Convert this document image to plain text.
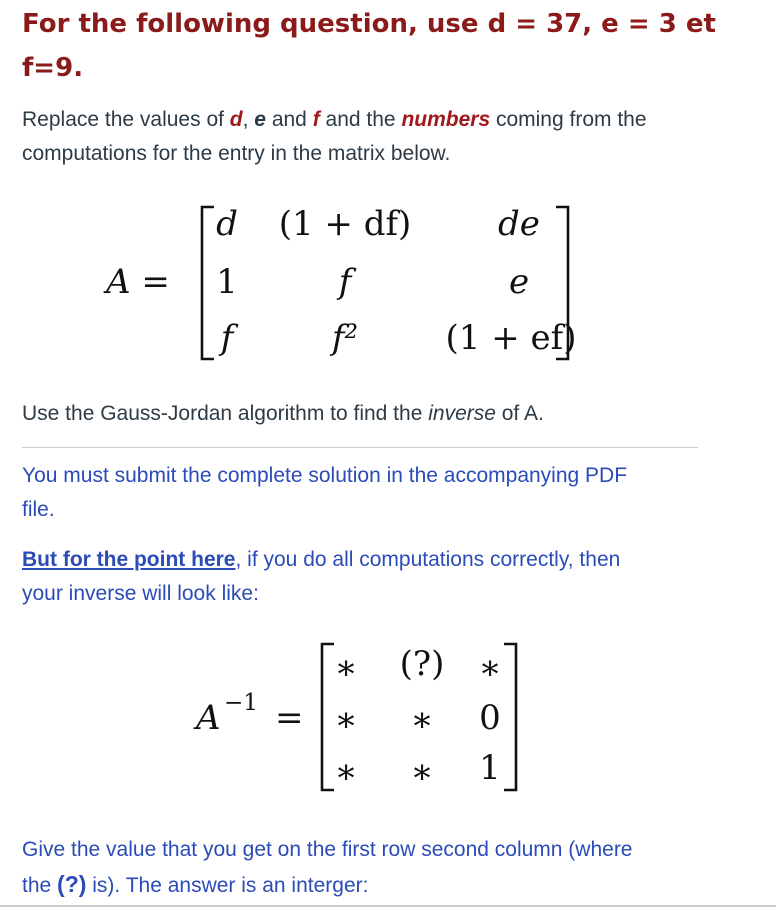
For the following question, use d = 37, e = 3 et
f=9.

Replace the values of d, e and f and the numbers coming from the
computations for the entry in the matrix below.

A =
d	(1 + df)	de
1	f	e
f	f²	(1 + ef)

Use the Gauss-Jordan algorithm to find the inverse of A.

You must submit the complete solution in the accompanying PDF
file.

But for the point here, if you do all computations correctly, then
your inverse will look like:

A −1 =
∗	(?)	∗
∗	∗	0
∗	∗	1

Give the value that you get on the first row second column (where
the (?) is). The answer is an interger:
